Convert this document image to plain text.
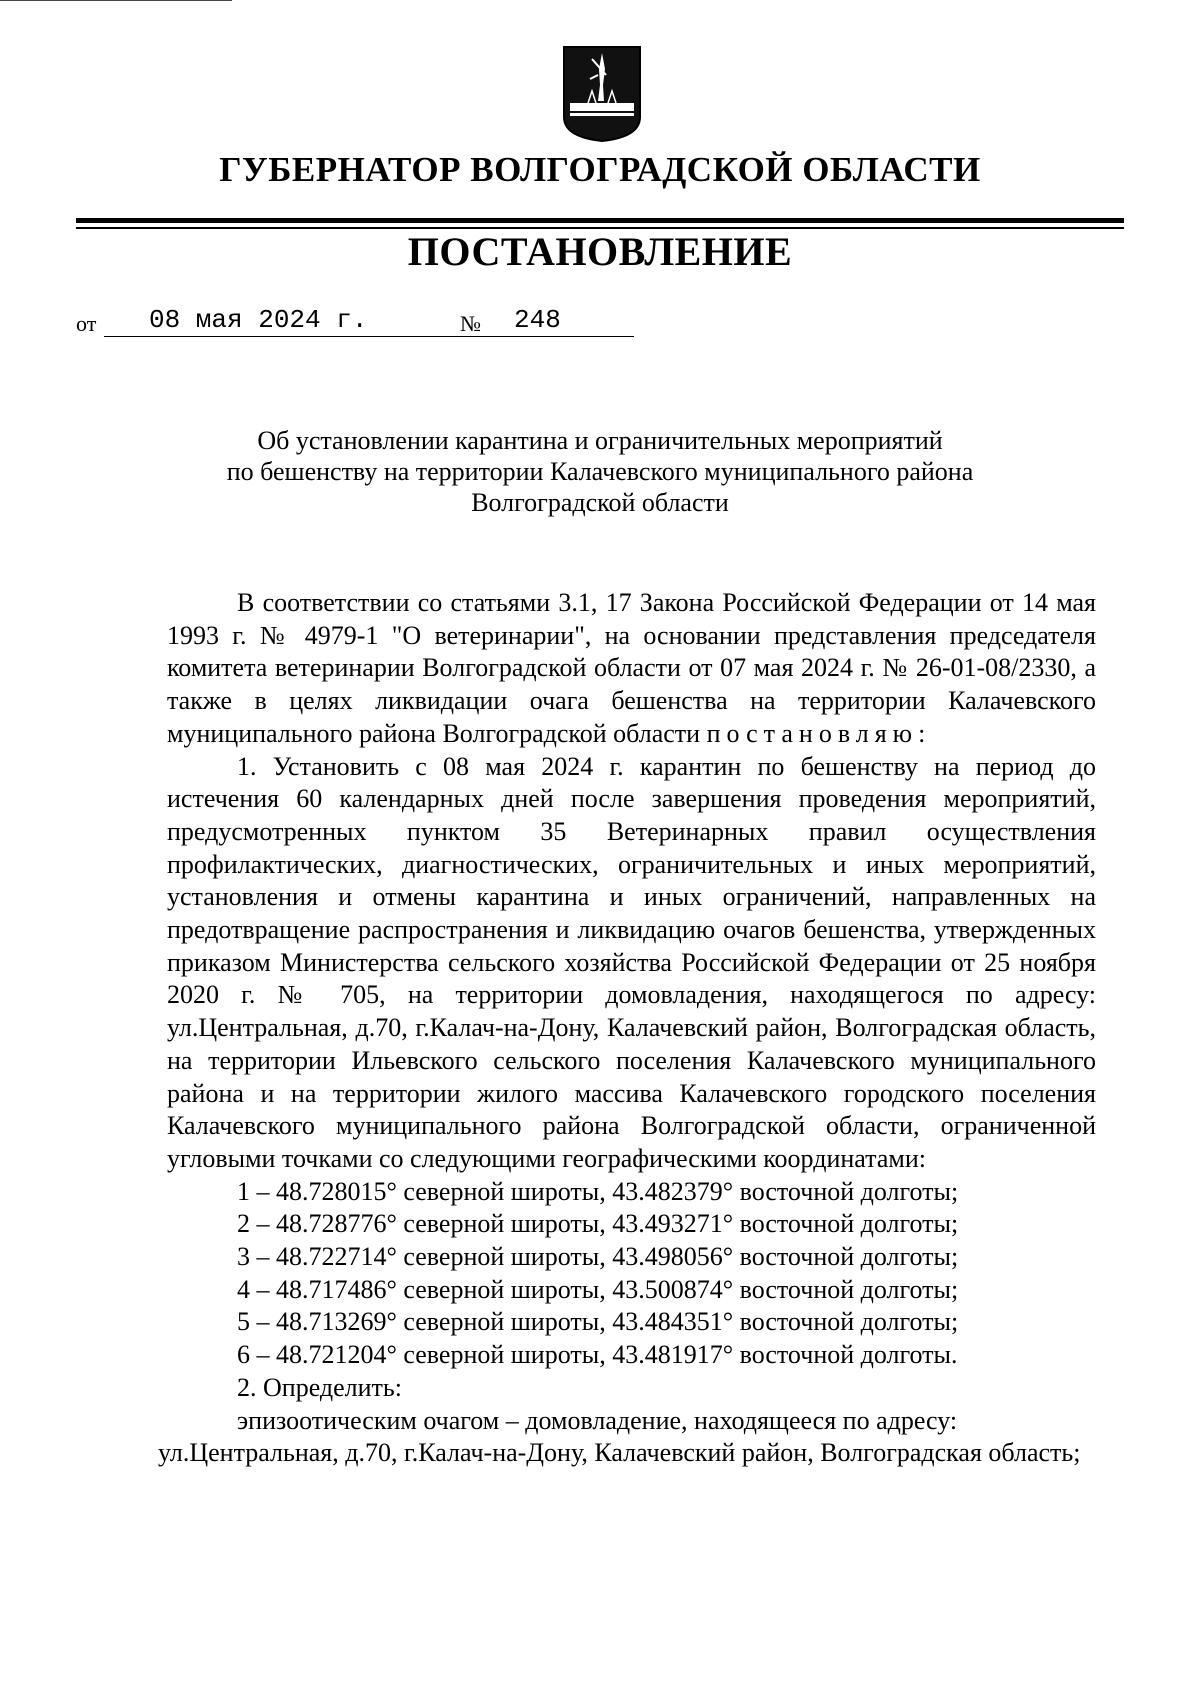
ГУБЕРНАТОР ВОЛГОГРАДСКОЙ ОБЛАСТИ
ПОСТАНОВЛЕНИЕ
от	08 мая 2024 г.	№	248
Об установлении карантина и ограничительных мероприятий
по бешенству на территории Калачевского муниципального района
Волгоградской области

В соответствии со статьями 3.1, 17 Закона Российской Федерации от 14 мая 1993 г. № 4979-1 "О ветеринарии", на основании представления председателя комитета ветеринарии Волгоградской области от 07 мая 2024 г. № 26-01-08/2330, а также в целях ликвидации очага бешенства на территории Калачевского муниципального района Волгоградской области постановляю:

1. Установить с 08 мая 2024 г. карантин по бешенству на период до истечения 60 календарных дней после завершения проведения мероприятий, предусмотренных пунктом 35 Ветеринарных правил осуществления профилактических, диагностических, ограничительных и иных мероприятий, установления и отмены карантина и иных ограничений, направленных на предотвращение распространения и ликвидацию очагов бешенства, утвержденных приказом Министерства сельского хозяйства Российской Федерации от 25 ноября 2020 г. № 705, на территории домовладения, находящегося по адресу: ул.Центральная, д.70, г.Калач-на-Дону, Калачевский район, Волгоградская область, на территории Ильевского сельского поселения Калачевского муниципального района и на территории жилого массива Калачевского городского поселения Калачевского муниципального района Волгоградской области, ограниченной угловыми точками со следующими географическими координатами:

1 – 48.728015° северной широты, 43.482379° восточной долготы;

2 – 48.728776° северной широты, 43.493271° восточной долготы;

3 – 48.722714° северной широты, 43.498056° восточной долготы;

4 – 48.717486° северной широты, 43.500874° восточной долготы;

5 – 48.713269° северной широты, 43.484351° восточной долготы;

6 – 48.721204° северной широты, 43.481917° восточной долготы.

2. Определить:

эпизоотическим очагом – домовладение, находящееся по адресу:

ул.Центральная, д.70, г.Калач-на-Дону, Калачевский район, Волгоградская область;
